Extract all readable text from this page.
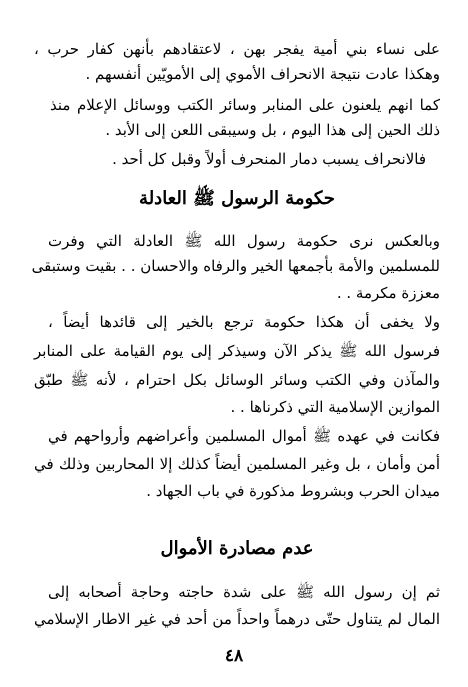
على نساء بني أمية يفجر بهن ، لاعتقادهم بأنهن كفار حرب ،
وهكذا عادت نتيجة الانحراف الأموي إلى الأمويّين أنفسهم .
كما انهم يلعنون على المنابر وسائر الكتب ووسائل الإعلام منذ
ذلك الحين إلى هذا اليوم ، بل وسيبقى اللعن إلى الأبد .
فالانحراف يسبب دمار المنحرف أولاً وقبل كل أحد .
حكومة الرسول ﷺ العادلة
وبالعكس نرى حكومة رسول الله ﷺ العادلة التي وفرت
للمسلمين والأمة بأجمعها الخير والرفاه والاحسان . . بقيت وستبقى
معززة مكرمة . .
ولا يخفى أن هكذا حكومة ترجع بالخير إلى قائدها أيضاً ،
فرسول الله ﷺ يذكر الآن وسيذكر إلى يوم القيامة على المنابر
والمآذن وفي الكتب وسائر الوسائل بكل احترام ، لأنه ﷺ طبّق
الموازين الإسلامية التي ذكرناها . .
فكانت في عهده ﷺ أموال المسلمين وأعراضهم وأرواحهم في
أمن وأمان ، بل وغير المسلمين أيضاً كذلك إلا المحاربين وذلك في
ميدان الحرب وبشروط مذكورة في باب الجهاد .
عدم مصادرة الأموال
ثم إن رسول الله ﷺ على شدة حاجته وحاجة أصحابه إلى
المال لم يتناول حتّى درهماً واحداً من أحد في غير الاطار الإسلامي
٤٨
